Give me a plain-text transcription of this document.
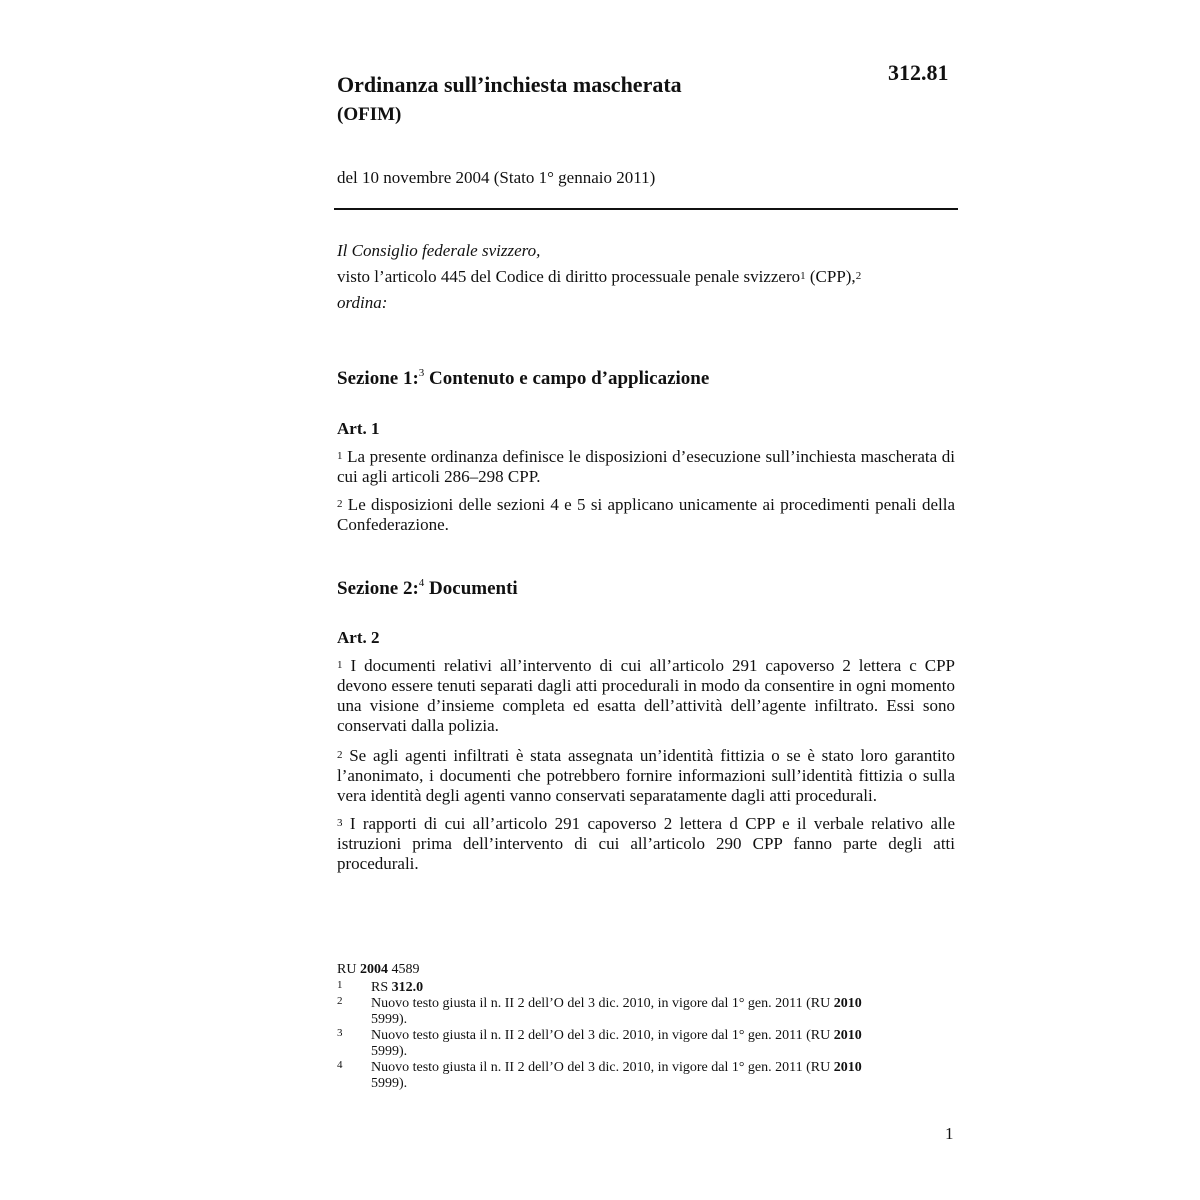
312.81
Ordinanza sull’inchiesta mascherata
(OFIM)
del 10 novembre 2004 (Stato 1° gennaio 2011)
Il Consiglio federale svizzero,
visto l’articolo 445 del Codice di diritto processuale penale svizzero$^1$ (CPP),$^2$
ordina:
Sezione 1:$^3$ Contenuto e campo d’applicazione
Art. 1
$^1$ La presente ordinanza definisce le disposizioni d’esecuzione sull’inchiesta mascherata di cui agli articoli 286–298 CPP.
$^2$ Le disposizioni delle sezioni 4 e 5 si applicano unicamente ai procedimenti penali della Confederazione.
Sezione 2:$^4$ Documenti
Art. 2
$^1$ I documenti relativi all’intervento di cui all’articolo 291 capoverso 2 lettera c CPP devono essere tenuti separati dagli atti procedurali in modo da consentire in ogni momento una visione d’insieme completa ed esatta dell’attività dell’agente infiltrato. Essi sono conservati dalla polizia.
$^2$ Se agli agenti infiltrati è stata assegnata un’identità fittizia o se è stato loro garantito l’anonimato, i documenti che potrebbero fornire informazioni sull’identità fittizia o sulla vera identità degli agenti vanno conservati separatamente dagli atti procedurali.
$^3$ I rapporti di cui all’articolo 291 capoverso 2 lettera d CPP e il verbale relativo alle istruzioni prima dell’intervento di cui all’articolo 290 CPP fanno parte degli atti procedurali.
RU 2004 4589
1 RS 312.0
2 Nuovo testo giusta il n. II 2 dell’O del 3 dic. 2010, in vigore dal 1° gen. 2011 (RU 2010 5999).
3 Nuovo testo giusta il n. II 2 dell’O del 3 dic. 2010, in vigore dal 1° gen. 2011 (RU 2010 5999).
4 Nuovo testo giusta il n. II 2 dell’O del 3 dic. 2010, in vigore dal 1° gen. 2011 (RU 2010 5999).
1
